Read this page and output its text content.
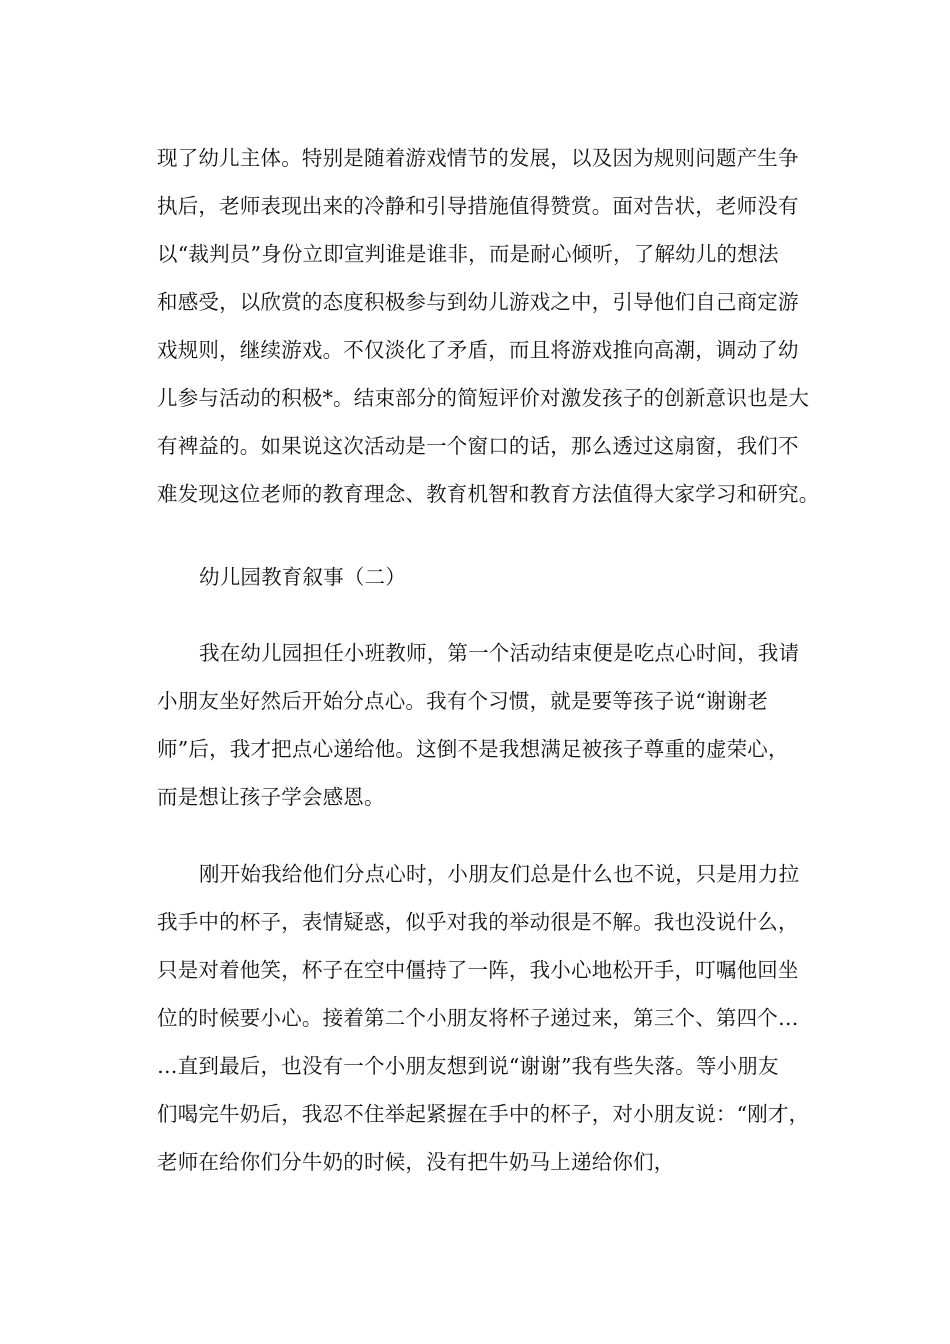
现了幼儿主体。特别是随着游戏情节的发展，以及因为规则问题产生争
执后，老师表现出来的冷静和引导措施值得赞赏。面对告状，老师没有
以“裁判员”身份立即宣判谁是谁非，而是耐心倾听，了解幼儿的想法
和感受，以欣赏的态度积极参与到幼儿游戏之中，引导他们自己商定游
戏规则，继续游戏。不仅淡化了矛盾，而且将游戏推向高潮，调动了幼
儿参与活动的积极*。结束部分的简短评价对激发孩子的创新意识也是大
有裨益的。如果说这次活动是一个窗口的话，那么透过这扇窗，我们不
难发现这位老师的教育理念、教育机智和教育方法值得大家学习和研究。
幼儿园教育叙事（二）
我在幼儿园担任小班教师，第一个活动结束便是吃点心时间，我请
小朋友坐好然后开始分点心。我有个习惯，就是要等孩子说“谢谢老
师”后，我才把点心递给他。这倒不是我想满足被孩子尊重的虚荣心，
而是想让孩子学会感恩。
刚开始我给他们分点心时，小朋友们总是什么也不说，只是用力拉
我手中的杯子，表情疑惑，似乎对我的举动很是不解。我也没说什么，
只是对着他笑，杯子在空中僵持了一阵，我小心地松开手，叮嘱他回坐
位的时候要小心。接着第二个小朋友将杯子递过来，第三个、第四个…
…直到最后，也没有一个小朋友想到说“谢谢”我有些失落。等小朋友
们喝完牛奶后，我忍不住举起紧握在手中的杯子，对小朋友说：“刚才，
老师在给你们分牛奶的时候，没有把牛奶马上递给你们，
